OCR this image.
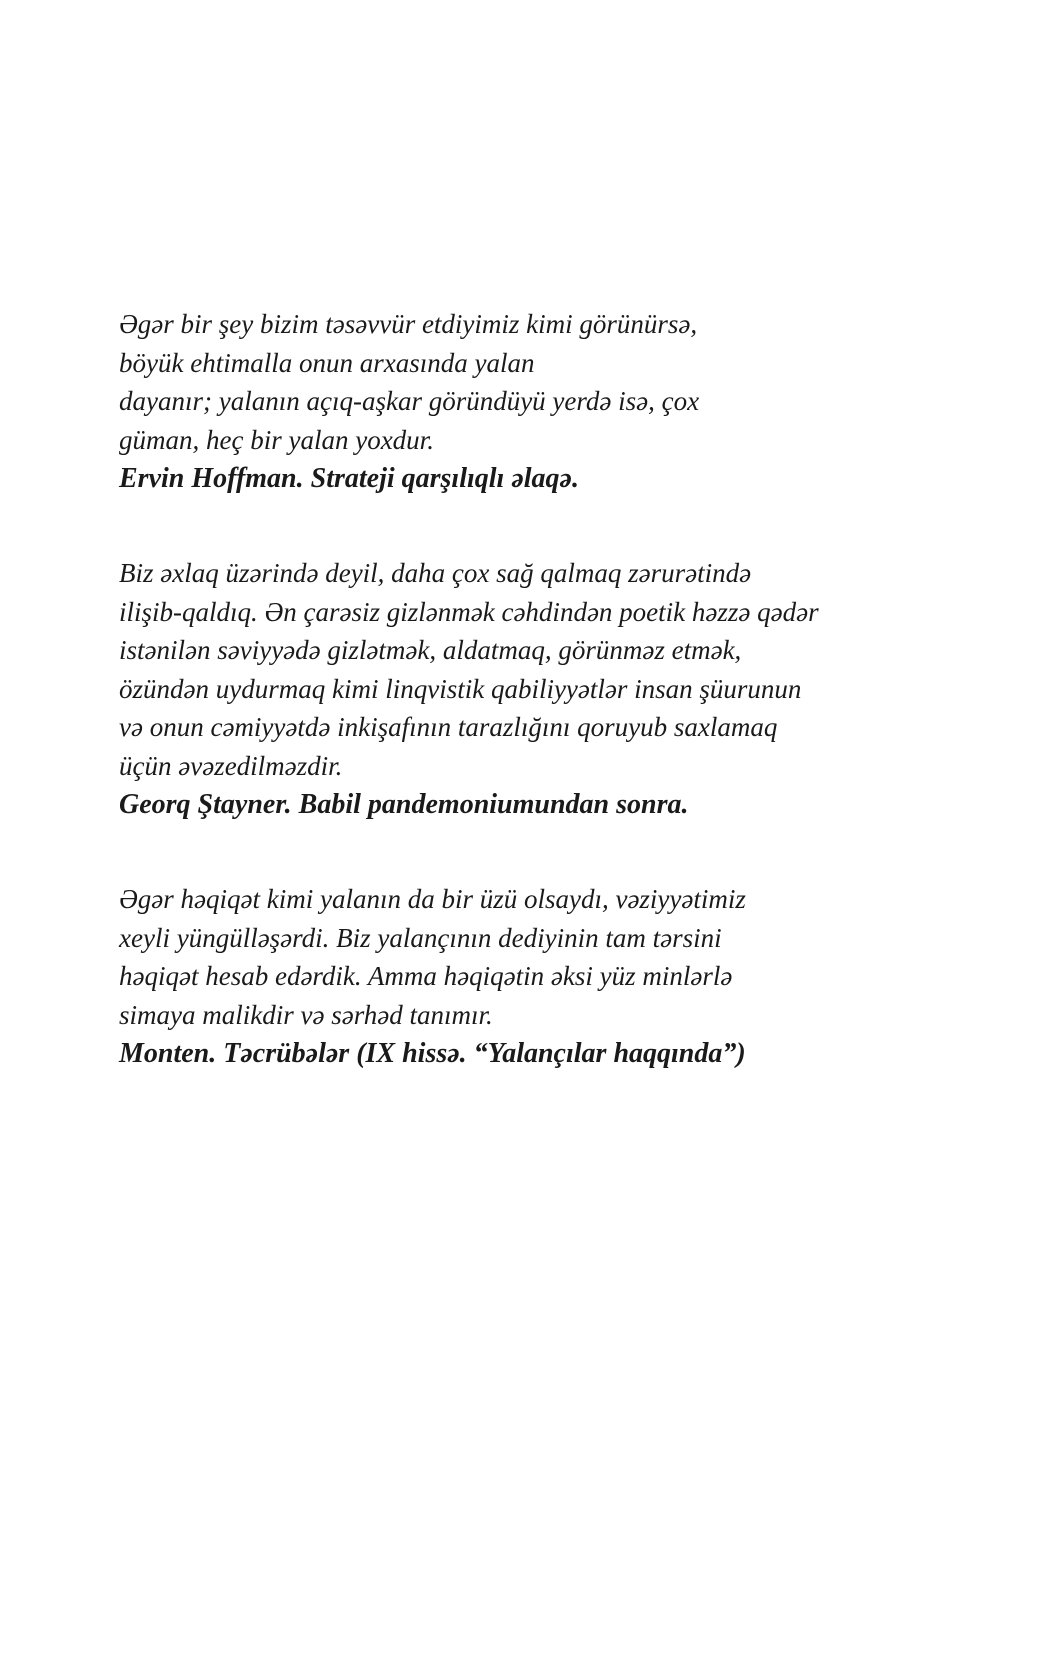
Əgər bir şey bizim təsəvvür etdiyimiz kimi görünürsə,
böyük ehtimalla onun arxasında yalan
dayanır; yalanın açıq-aşkar göründüyü yerdə isə, çox
güman, heç bir yalan yoxdur.
Ervin Hoffman. Strateji qarşılıqlı əlaqə.
Biz əxlaq üzərində deyil, daha çox sağ qalmaq zərurətində
ilişib-qaldıq. Ən çarəsiz gizlənmək cəhdindən poetik həzzə qədər
istənilən səviyyədə gizlətmək, aldatmaq, görünməz etmək,
özündən uydurmaq kimi linqvistik qabiliyyətlər insan şüurunun
və onun cəmiyyətdə inkişafının tarazlığını qoruyub saxlamaq
üçün əvəzedilməzdir.
Georq Ştayner. Babil pandemoniumundan sonra.
Əgər həqiqət kimi yalanın da bir üzü olsaydı, vəziyyətimiz
xeyli yüngülləşərdi. Biz yalançının dediyinin tam tərsini
həqiqət hesab edərdik. Amma həqiqətin əksi yüz minlərlə
simaya malikdir və sərhəd tanımır.
Monten. Təcrübələr (IX hissə. “Yalançılar haqqında”)
